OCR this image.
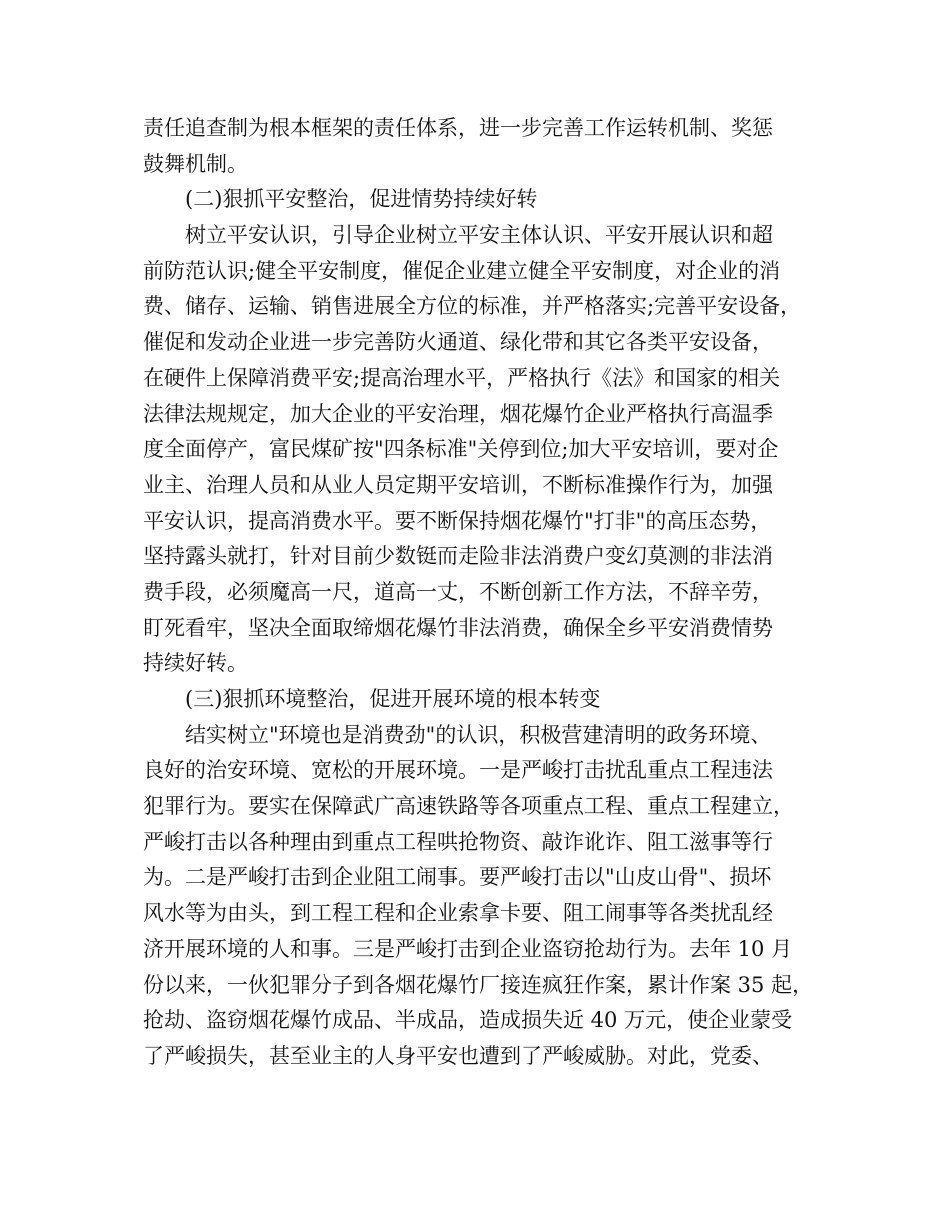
责任追查制为根本框架的责任体系，进一步完善工作运转机制、奖惩
鼓舞机制。
(二)狠抓平安整治，促进情势持续好转
树立平安认识，引导企业树立平安主体认识、平安开展认识和超
前防范认识;健全平安制度，催促企业建立健全平安制度，对企业的消
费、储存、运输、销售进展全方位的标准，并严格落实;完善平安设备，
催促和发动企业进一步完善防火通道、绿化带和其它各类平安设备，
在硬件上保障消费平安;提高治理水平，严格执行《法》和国家的相关
法律法规规定，加大企业的平安治理，烟花爆竹企业严格执行高温季
度全面停产，富民煤矿按"四条标准"关停到位;加大平安培训，要对企
业主、治理人员和从业人员定期平安培训，不断标准操作行为，加强
平安认识，提高消费水平。要不断保持烟花爆竹"打非"的高压态势，
坚持露头就打，针对目前少数铤而走险非法消费户变幻莫测的非法消
费手段，必须魔高一尺，道高一丈，不断创新工作方法，不辞辛劳，
盯死看牢，坚决全面取缔烟花爆竹非法消费，确保全乡平安消费情势
持续好转。
(三)狠抓环境整治，促进开展环境的根本转变
结实树立"环境也是消费劲"的认识，积极营建清明的政务环境、
良好的治安环境、宽松的开展环境。一是严峻打击扰乱重点工程违法
犯罪行为。要实在保障武广高速铁路等各项重点工程、重点工程建立，
严峻打击以各种理由到重点工程哄抢物资、敲诈讹诈、阻工滋事等行
为。二是严峻打击到企业阻工闹事。要严峻打击以"山皮山骨"、损坏
风水等为由头，到工程工程和企业索拿卡要、阻工闹事等各类扰乱经
济开展环境的人和事。三是严峻打击到企业盗窃抢劫行为。去年 10 月
份以来，一伙犯罪分子到各烟花爆竹厂接连疯狂作案，累计作案 35 起，
抢劫、盗窃烟花爆竹成品、半成品，造成损失近 40 万元，使企业蒙受
了严峻损失，甚至业主的人身平安也遭到了严峻威胁。对此，党委、
